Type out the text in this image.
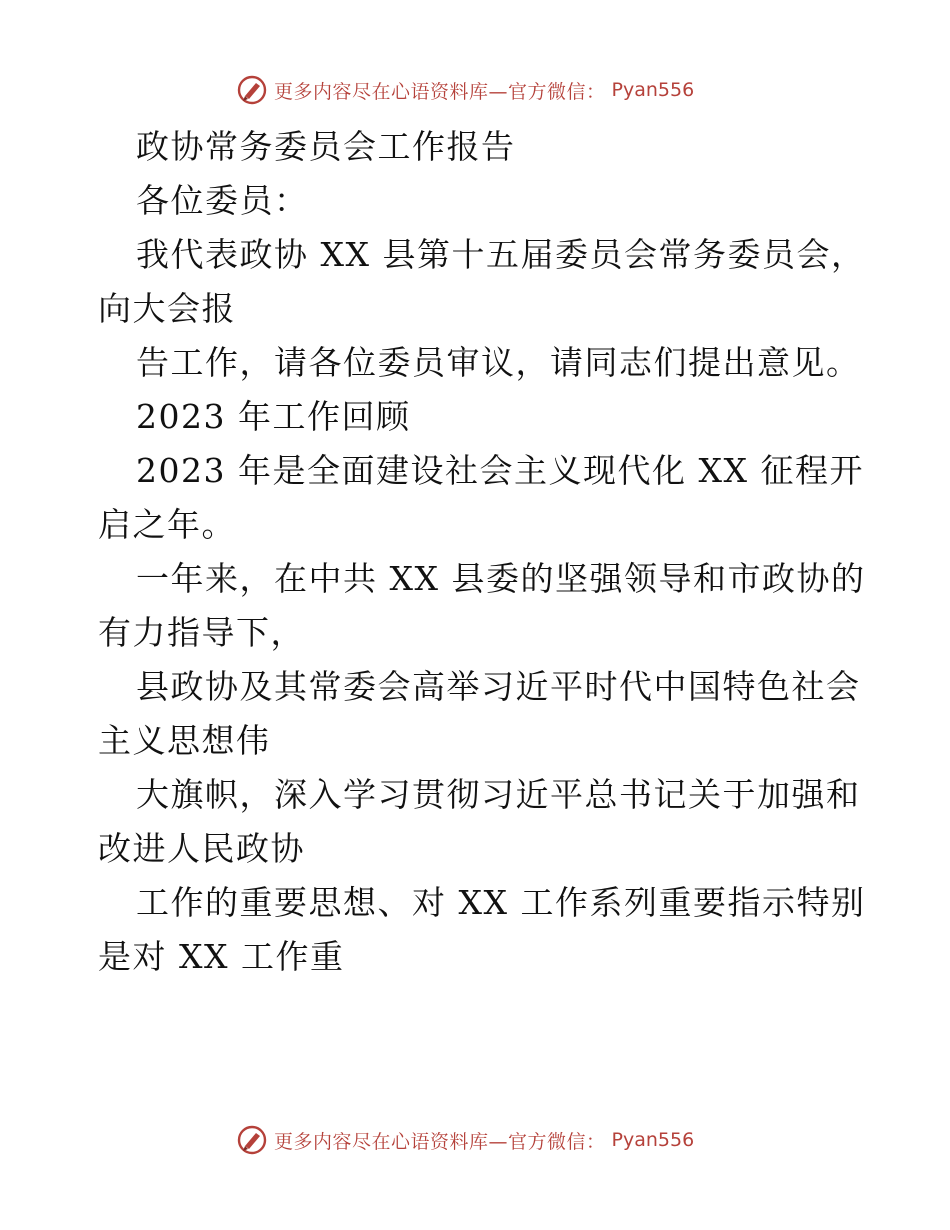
更多内容尽在心语资料库—官方微信： Pyan556

政协常务委员会工作报告

各位委员：

我代表政协 XX 县第十五届委员会常务委员会，

向大会报

告工作，请各位委员审议，请同志们提出意见。

2023 年工作回顾

2023 年是全面建设社会主义现代化 XX 征程开

启之年。

一年来，在中共 XX 县委的坚强领导和市政协的

有力指导下，

县政协及其常委会高举习近平时代中国特色社会

主义思想伟

大旗帜，深入学习贯彻习近平总书记关于加强和

改进人民政协

工作的重要思想、对 XX 工作系列重要指示特别

是对 XX 工作重

更多内容尽在心语资料库—官方微信： Pyan556
